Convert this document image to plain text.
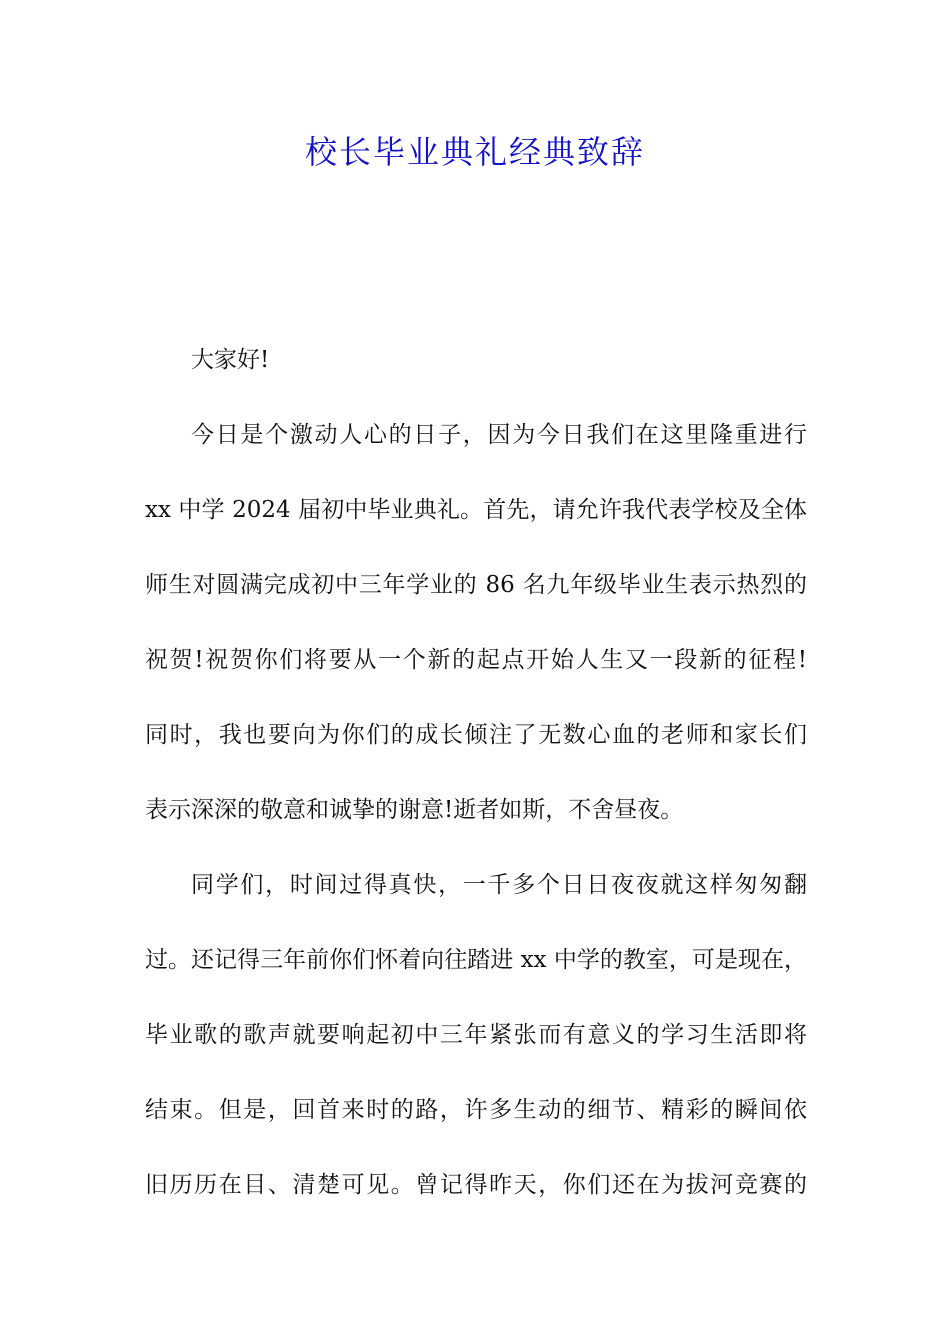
校长毕业典礼经典致辞
大家好!
今日是个激动人心的日子，因为今日我们在这里隆重进行
xx 中学 2024 届初中毕业典礼。首先，请允许我代表学校及全体
师生对圆满完成初中三年学业的 86 名九年级毕业生表示热烈的
祝贺!祝贺你们将要从一个新的起点开始人生又一段新的征程!
同时，我也要向为你们的成长倾注了无数心血的老师和家长们
表示深深的敬意和诚挚的谢意!逝者如斯，不舍昼夜。
同学们，时间过得真快，一千多个日日夜夜就这样匆匆翻
过。还记得三年前你们怀着向往踏进 xx 中学的教室，可是现在，
毕业歌的歌声就要响起初中三年紧张而有意义的学习生活即将
结束。但是，回首来时的路，许多生动的细节、精彩的瞬间依
旧历历在目、清楚可见。曾记得昨天，你们还在为拔河竞赛的
